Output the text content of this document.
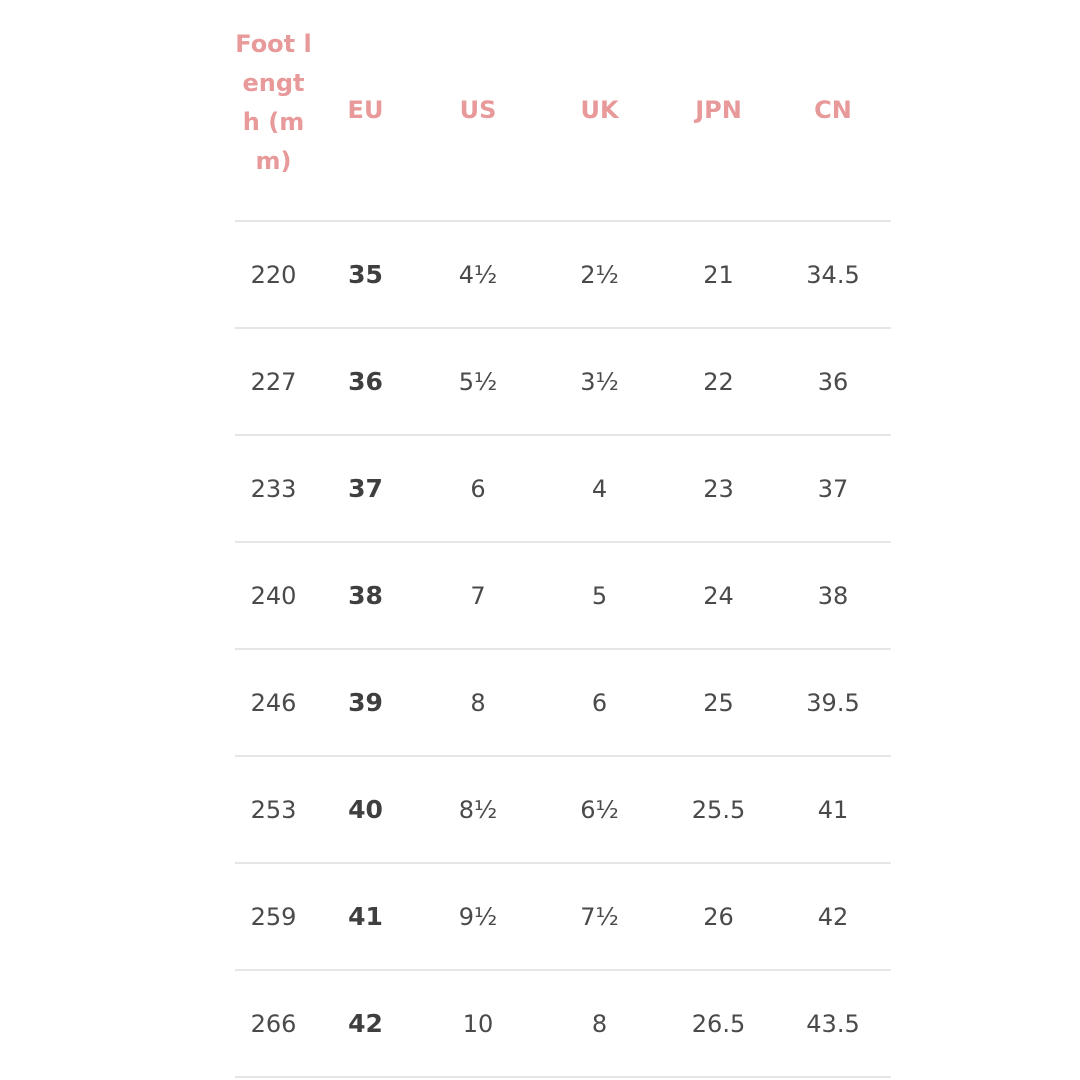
Foot length (mm)	EU	US	UK	JPN	CN
220	35	4½	2½	21	34.5
227	36	5½	3½	22	36
233	37	6	4	23	37
240	38	7	5	24	38
246	39	8	6	25	39.5
253	40	8½	6½	25.5	41
259	41	9½	7½	26	42
266	42	10	8	26.5	43.5
